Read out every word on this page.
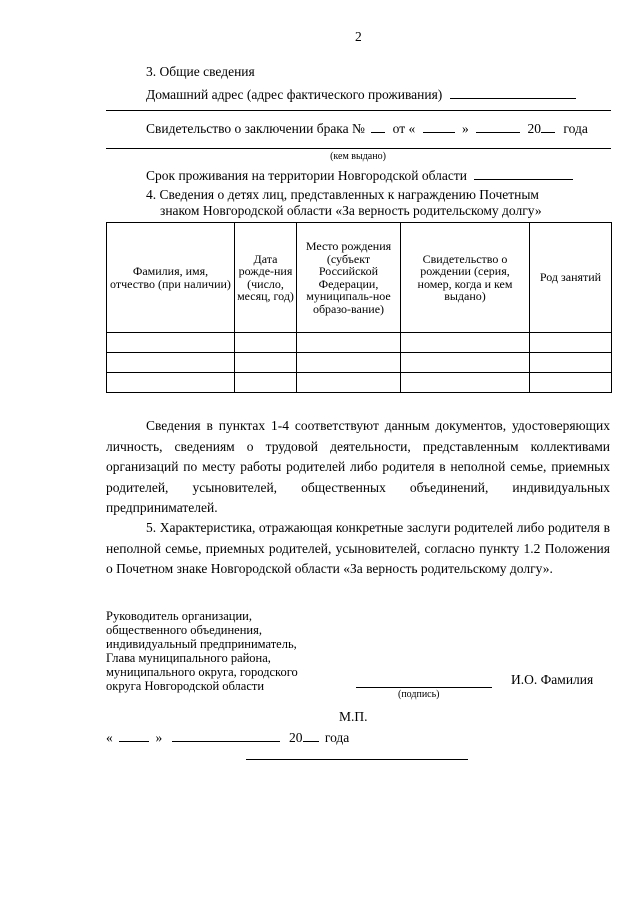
2
3. Общие сведения
Домашний адрес (адрес фактического проживания)
Свидетельство о заключении брака № от «	»	20 года
(кем выдано)
Срок проживания на территории Новгородской области
4. Сведения о детях лиц, представленных к награждению Почетным
знаком Новгородской области «За верность родительскому долгу»
Фамилия, имя, отчество (при наличии)	Дата рожде-ния (число, месяц, год)	Место рождения (субъект Российской Федерации, муниципаль-ное образо-вание)	Свидетельство о рождении (серия, номер, когда и кем выдано)	Род занятий

Сведения в пунктах 1-4 соответствуют данным документов, удостоверяющих личность, сведениям о трудовой деятельности, представленным коллективами организаций по месту работы родителей либо родителя в неполной семье, приемных родителей, усыновителей, общественных объединений, индивидуальных предпринимателей.
5. Характеристика, отражающая конкретные заслуги родителей либо родителя в неполной семье, приемных родителей, усыновителей, согласно пункту 1.2 Положения о Почетном знаке Новгородской области «За верность родительскому долгу».
Руководитель организации,
общественного объединения,
индивидуальный предприниматель,
Глава муниципального района,
муниципального округа, городского
округа Новгородской области
(подпись)
И.О. Фамилия
М.П.
«	»	20 года
